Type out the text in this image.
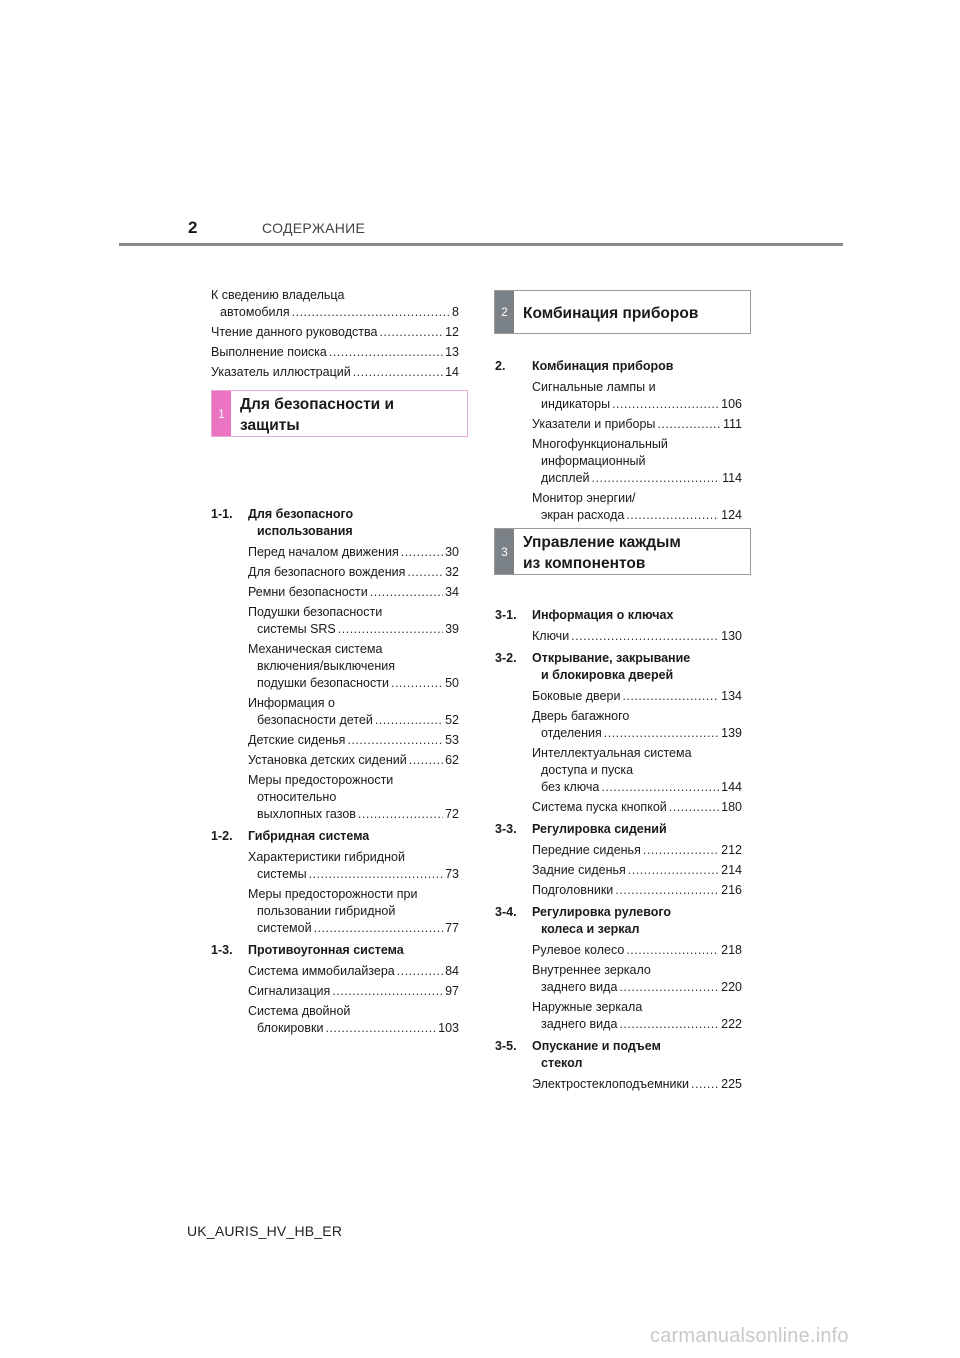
2	СОДЕРЖАНИЕ
К сведению владельца
автомобиля .....	8
Чтение данного руководства .....	12
Выполнение поиска .....	13
Указатель иллюстраций .....	14
1-1.	Для безопасного
использования
Перед началом движения .....	30
Для безопасного вождения .....	32
Ремни безопасности .....	34
Подушки безопасности
системы SRS .....	39
Механическая система
включения/выключения
подушки безопасности .....	50
Информация о
безопасности детей .....	52
Детские сиденья .....	53
Установка детских сидений .....	62
Меры предосторожности
относительно
выхлопных газов .....	72
1-2.	Гибридная система
Характеристики гибридной
системы .....	73
Меры предосторожности при
пользовании гибридной
системой .....	77
1-3.	Противоугонная система
Система иммобилайзера .....	84
Сигнализация .....	97
Система двойной
блокировки .....	103
1
Для безопасности и
защиты
2 Комбинация приборов
3
Управление каждым
из компонентов
2.	Комбинация приборов
Сигнальные лампы и
индикаторы .....	106
Указатели и приборы .....	111
Многофункциональный
информационный
дисплей .....	114
Монитор энергии/
экран расхода .....	124
3-1.	Информация о ключах
Ключи .....	130
3-2.	Открывание, закрывание
и блокировка дверей
Боковые двери .....	134
Дверь багажного
отделения .....	139
Интеллектуальная система
доступа и пуска
без ключа .....	144
Система пуска кнопкой .....	180
3-3.	Регулировка сидений
Передние сиденья .....	212
Задние сиденья .....	214
Подголовники .....	216
3-4.	Регулировка рулевого
колеса и зеркал
Рулевое колесо .....	218
Внутреннее зеркало
заднего вида .....	220
Наружные зеркала
заднего вида .....	222
3-5.	Опускание и подъем
стекол
Электростеклоподъемники .....	225
UK_AURIS_HV_HB_ER
carmanualsonline.info
